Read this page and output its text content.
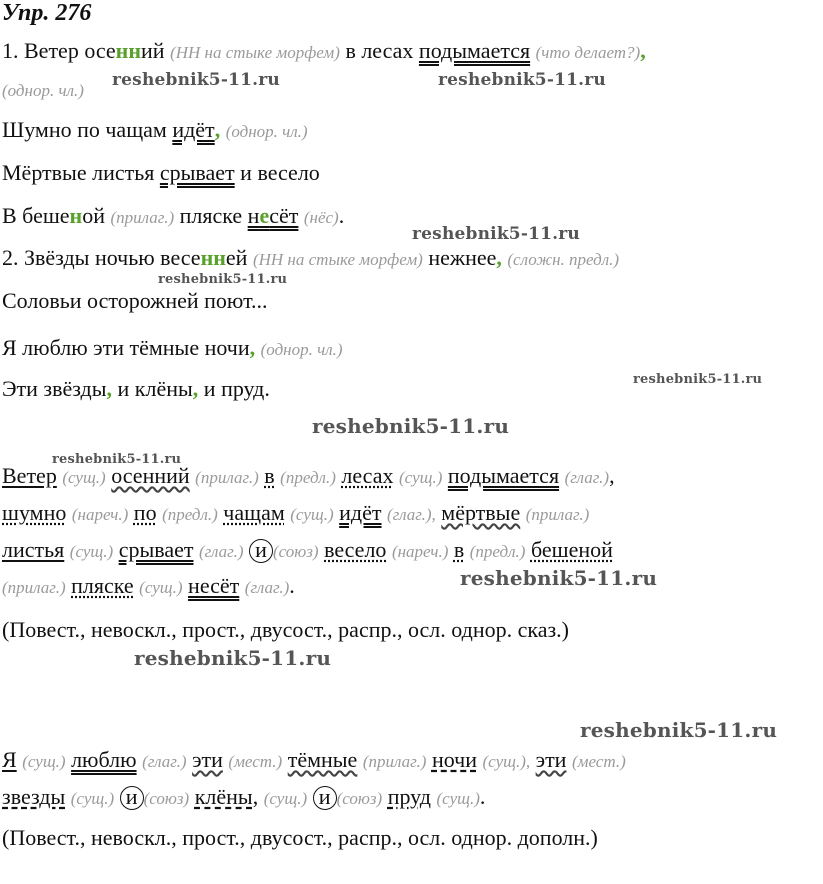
Упр. 276
1. Ветер осенний (НН на стыке морфем) в лесах подымается (что делает?),
(однор. чл.)
Шумно по чащам идёт, (однор. чл.)
Мёртвые листья срывает и весело
В бешеной (прилаг.) пляске несёт (нёс).
2. Звёзды ночью весенней (НН на стыке морфем) нежнее, (сложн. предл.)
Соловьи осторожней поют...
Я люблю эти тёмные ночи, (однор. чл.)
Эти звёзды, и клёны, и пруд.
Ветер (сущ.) осенний (прилаг.) в (предл.) лесах (сущ.) подымается (глаг.),
шумно (нареч.) по (предл.) чащам (сущ.) идёт (глаг.), мёртвые (прилаг.)
листья (сущ.) срывает (глаг.) и (союз) весело (нареч.) в (предл.) бешеной
(прилаг.) пляске (сущ.) несёт (глаг.).
(Повест., невоскл., прост., двусост., распр., осл. однор. сказ.)
Я (сущ.) люблю (глаг.) эти (мест.) тёмные (прилаг.) ночи (сущ.), эти (мест.)
звезды (сущ.) и (союз) клёны, (сущ.) и (союз) пруд (сущ.).
(Повест., невоскл., прост., двусост., распр., осл. однор. дополн.)
reshebnik5-11.ru	reshebnik5-11.ru
reshebnik5-11.ru
reshebnik5-11.ru
reshebnik5-11.ru
reshebnik5-11.ru
reshebnik5-11.ru
reshebnik5-11.ru
reshebnik5-11.ru
reshebnik5-11.ru
